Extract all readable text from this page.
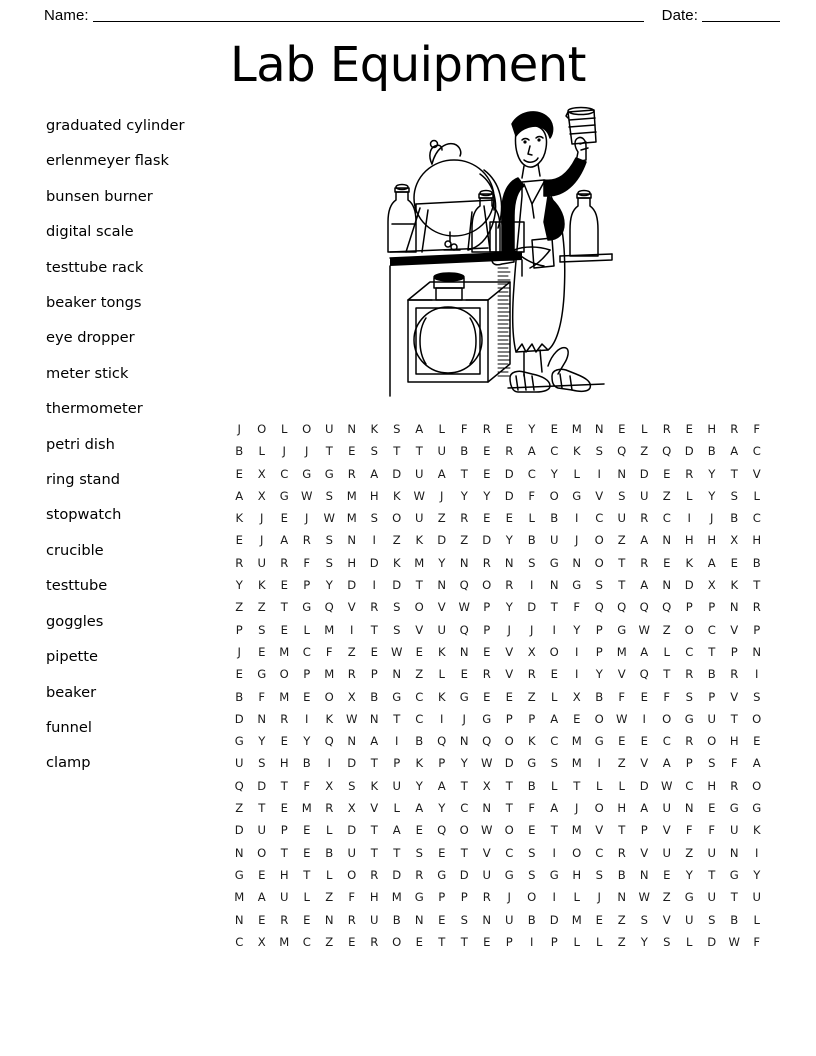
Name:	Date:
Lab Equipment
graduated cylinder
erlenmeyer flask
bunsen burner
digital scale
testtube rack
beaker tongs
eye dropper
meter stick
thermometer
petri dish
ring stand
stopwatch
crucible
testtube
goggles
pipette
beaker
funnel
clamp
J	O	L	O	U	N	K	S	A	L	F	R	E	Y	E	M	N	E	L	R	E	H	R	F
B	L	J	J	T	E	S	T	T	U	B	E	R	A	C	K	S	Q	Z	Q	D	B	A	C
E	X	C	G	G	R	A	D	U	A	T	E	D	C	Y	L	I	N	D	E	R	Y	T	V
A	X	G	W	S	M	H	K	W	J	Y	Y	D	F	O	G	V	S	U	Z	L	Y	S	L
K	J	E	J	W	M	S	O	U	Z	R	E	E	L	B	I	C	U	R	C	I	J	B	C
E	J	A	R	S	N	I	Z	K	D	Z	D	Y	B	U	J	O	Z	A	N	H	H	X	H
R	U	R	F	S	H	D	K	M	Y	N	R	N	S	G	N	O	T	R	E	K	A	E	B
Y	K	E	P	Y	D	I	D	T	N	Q	O	R	I	N	G	S	T	A	N	D	X	K	T
Z	Z	T	G	Q	V	R	S	O	V	W	P	Y	D	T	F	Q	Q	Q	Q	P	P	N	R
P	S	E	L	M	I	T	S	V	U	Q	P	J	J	I	Y	P	G	W	Z	O	C	V	P
J	E	M	C	F	Z	E	W	E	K	N	E	V	X	O	I	P	M	A	L	C	T	P	N
E	G	O	P	M	R	P	N	Z	L	E	R	V	R	E	I	Y	V	Q	T	R	B	R	I
B	F	M	E	O	X	B	G	C	K	G	E	E	Z	L	X	B	F	E	F	S	P	V	S
D	N	R	I	K	W	N	T	C	I	J	G	P	P	A	E	O	W	I	O	G	U	T	O
G	Y	E	Y	Q	N	A	I	B	Q	N	Q	O	K	C	M	G	E	E	C	R	O	H	E
U	S	H	B	I	D	T	P	K	P	Y	W	D	G	S	M	I	Z	V	A	P	S	F	A
Q	D	T	F	X	S	K	U	Y	A	T	X	T	B	L	T	L	L	D	W	C	H	R	O
Z	T	E	M	R	X	V	L	A	Y	C	N	T	F	A	J	O	H	A	U	N	E	G	G
D	U	P	E	L	D	T	A	E	Q	O	W	O	E	T	M	V	T	P	V	F	F	U	K
N	O	T	E	B	U	T	T	S	E	T	V	C	S	I	O	C	R	V	U	Z	U	N	I
G	E	H	T	L	O	R	D	R	G	D	U	G	S	G	H	S	B	N	E	Y	T	G	Y
M	A	U	L	Z	F	H	M	G	P	P	R	J	O	I	L	J	N	W	Z	G	U	T	U
N	E	R	E	N	R	U	B	N	E	S	N	U	B	D	M	E	Z	S	V	U	S	B	L
C	X	M	C	Z	E	R	O	E	T	T	E	P	I	P	L	L	Z	Y	S	L	D	W	F
